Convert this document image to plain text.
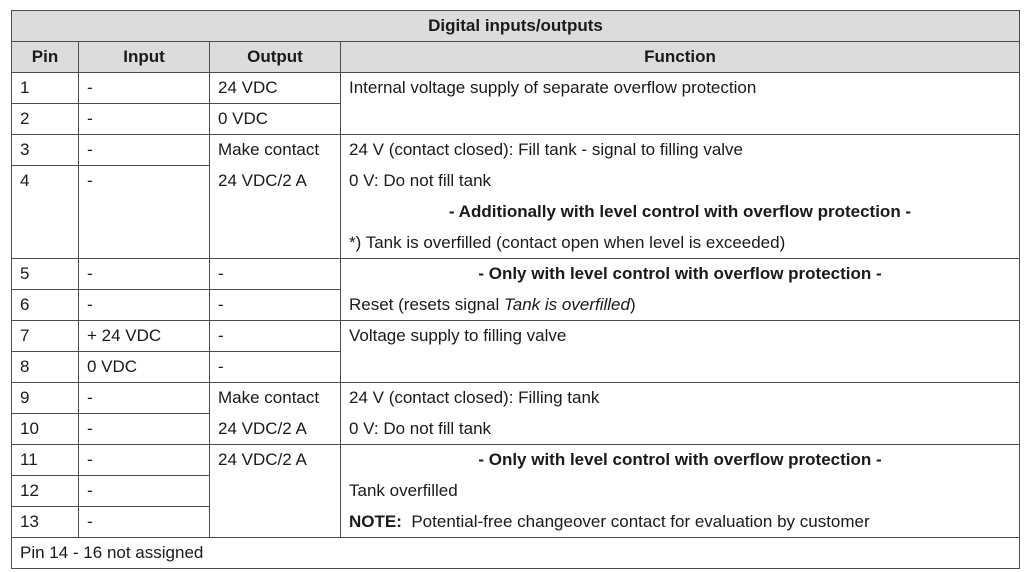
Digital inputs/outputs			
Pin	Input	Output	Function
1	-	24 VDC	Internal voltage supply of separate overflow protection
2	-	0 VDC	
3	-	Make contact	24 V (contact closed): Fill tank - signal to filling valve
4	-	24 VDC/2 A	0 V: Do not fill tank
			- Additionally with level control with overflow protection -
			*) Tank is overfilled (contact open when level is exceeded)
5	-	-	- Only with level control with overflow protection -
6	-	-	Reset (resets signal Tank is overfilled)
7	+ 24 VDC	-	Voltage supply to filling valve
8	0 VDC	-	
9	-	Make contact	24 V (contact closed): Filling tank
10	-	24 VDC/2 A	0 V: Do not fill tank
11	-	24 VDC/2 A	- Only with level control with overflow protection -
12	-		Tank overfilled
13	-		NOTE: Potential-free changeover contact for evaluation by customer
Pin 14 - 16 not assigned			
